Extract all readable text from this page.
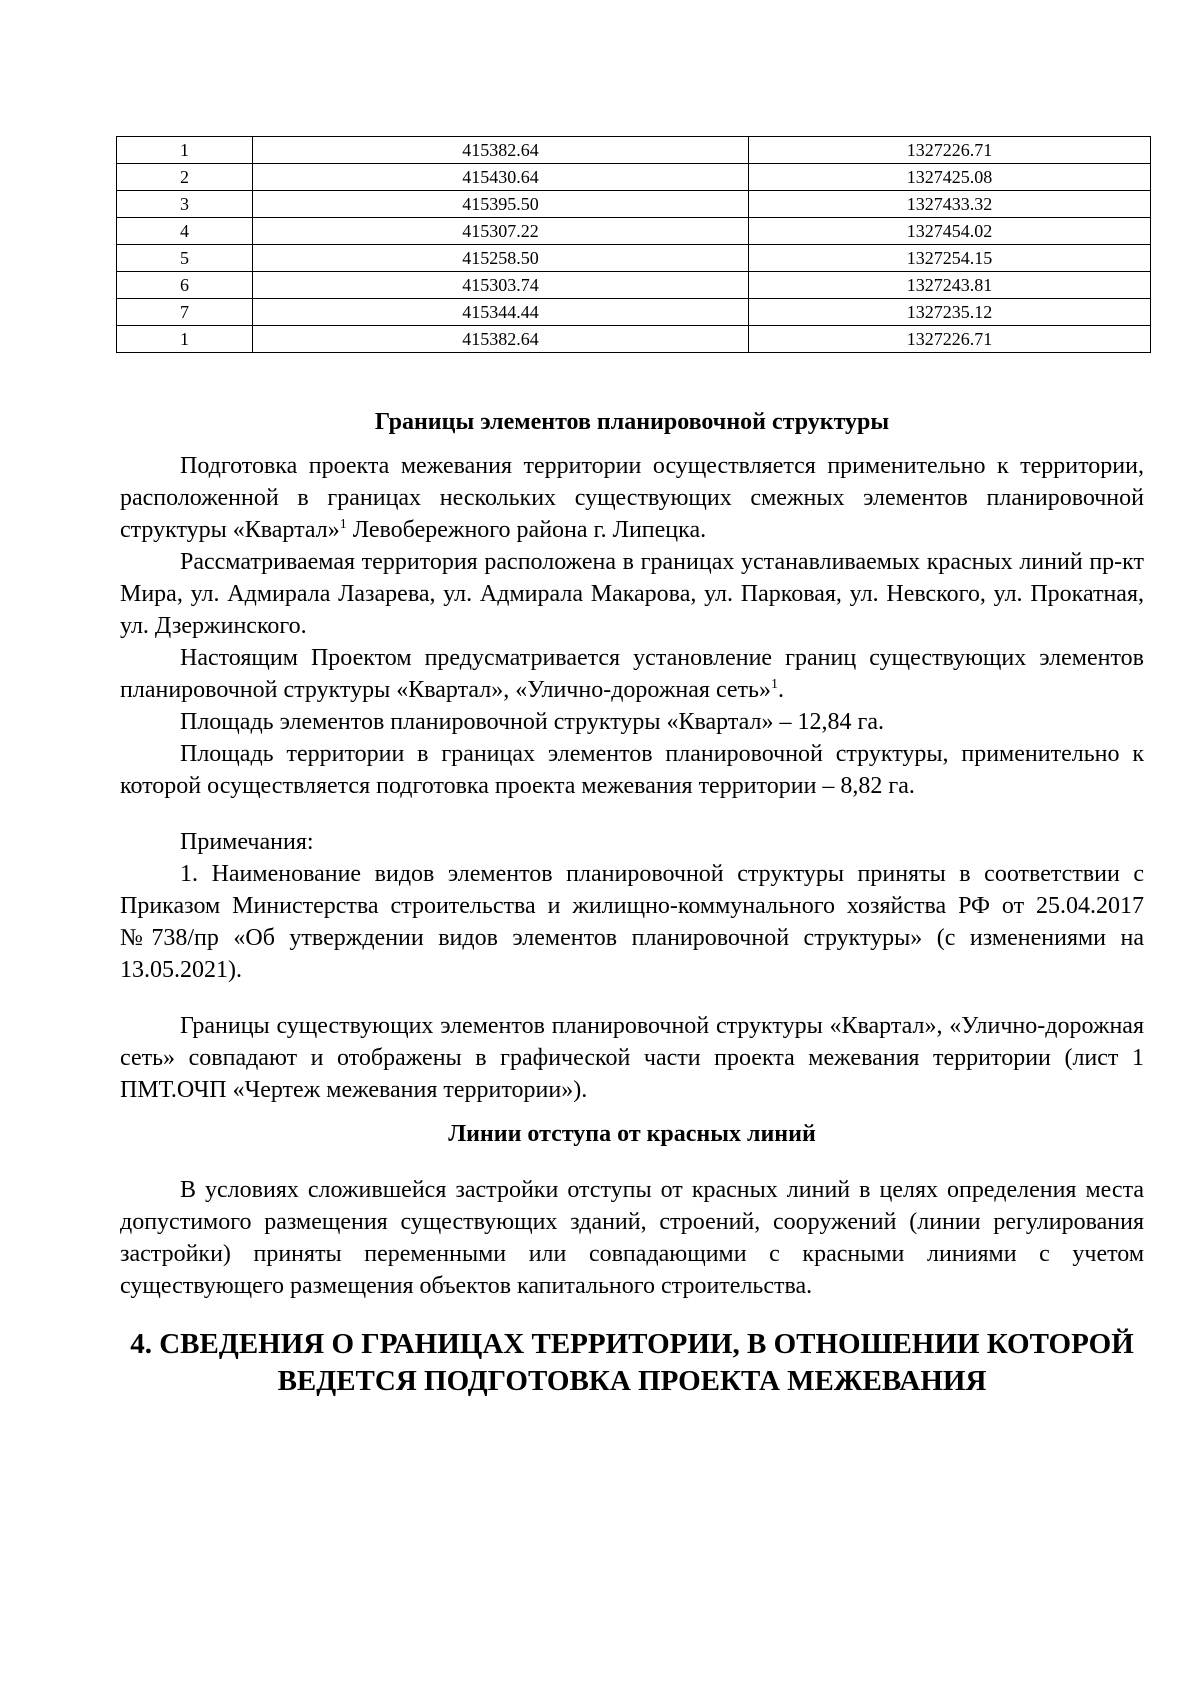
1	415382.64	1327226.71
2	415430.64	1327425.08
3	415395.50	1327433.32
4	415307.22	1327454.02
5	415258.50	1327254.15
6	415303.74	1327243.81
7	415344.44	1327235.12
1	415382.64	1327226.71
Границы элементов планировочной структуры

Подготовка проекта межевания территории осуществляется применительно к территории, расположенной в границах нескольких существующих смежных элементов планировочной структуры «Квартал»$^1$ Левобережного района г. Липецка.

Рассматриваемая территория расположена в границах устанавливаемых красных линий пр-кт Мира, ул. Адмирала Лазарева, ул. Адмирала Макарова, ул. Парковая, ул. Невского, ул. Прокатная, ул. Дзержинского.

Настоящим Проектом предусматривается установление границ существующих элементов планировочной структуры «Квартал», «Улично-дорожная сеть»$^1$.

Площадь элементов планировочной структуры «Квартал» – 12,84 га.

Площадь территории в границах элементов планировочной структуры, применительно к которой осуществляется подготовка проекта межевания территории – 8,82 га.

Примечания:

1. Наименование видов элементов планировочной структуры приняты в соответствии с Приказом Министерства строительства и жилищно-коммунального хозяйства РФ от 25.04.2017 №738/пр «Об утверждении видов элементов планировочной структуры» (с изменениями на 13.05.2021).

Границы существующих элементов планировочной структуры «Квартал», «Улично-дорожная сеть» совпадают и отображены в графической части проекта межевания территории (лист 1 ПМТ.ОЧП «Чертеж межевания территории»).

Линии отступа от красных линий

В условиях сложившейся застройки отступы от красных линий в целях определения места допустимого размещения существующих зданий, строений, сооружений (линии регулирования застройки) приняты переменными или совпадающими с красными линиями с учетом существующего размещения объектов капитального строительства.

4. СВЕДЕНИЯ О ГРАНИЦАХ ТЕРРИТОРИИ, В ОТНОШЕНИИ КОТОРОЙ
ВЕДЕТСЯ ПОДГОТОВКА ПРОЕКТА МЕЖЕВАНИЯ
